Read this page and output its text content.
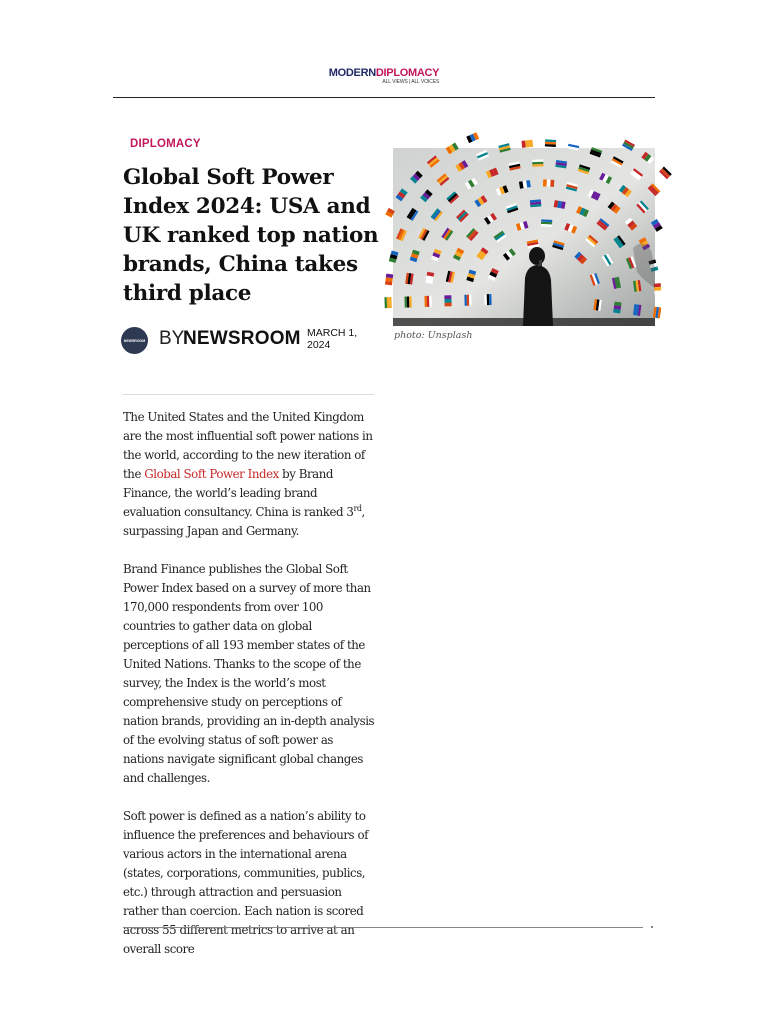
MODERNDIPLOMACY
ALL VIEWS | ALL VOICES
DIPLOMACY
Global Soft Power Index 2024: USA and UK ranked top nation brands, China takes third place
NEWSROOM BY
NEWSROOM MARCH 1, 2024

The United States and the United Kingdom are the most influential soft power nations in the world, according to the new iteration of the Global Soft Power Index by Brand Finance, the world’s leading brand evaluation consultancy. China is ranked 3rd, surpassing Japan and Germany.

Brand Finance publishes the Global Soft Power Index based on a survey of more than 170,000 respondents from over 100 countries to gather data on global perceptions of all 193 member states of the United Nations. Thanks to the scope of the survey, the Index is the world’s most comprehensive study on perceptions of nation brands, providing an in-depth analysis of the evolving status of soft power as nations navigate significant global changes and challenges.

Soft power is defined as a nation’s ability to influence the preferences and behaviours of various actors in the international arena (states, corporations, communities, publics, etc.) through attraction and persuasion rather than coercion. Each nation is scored across 55 different metrics to arrive at an overall score

photo: Unsplash
